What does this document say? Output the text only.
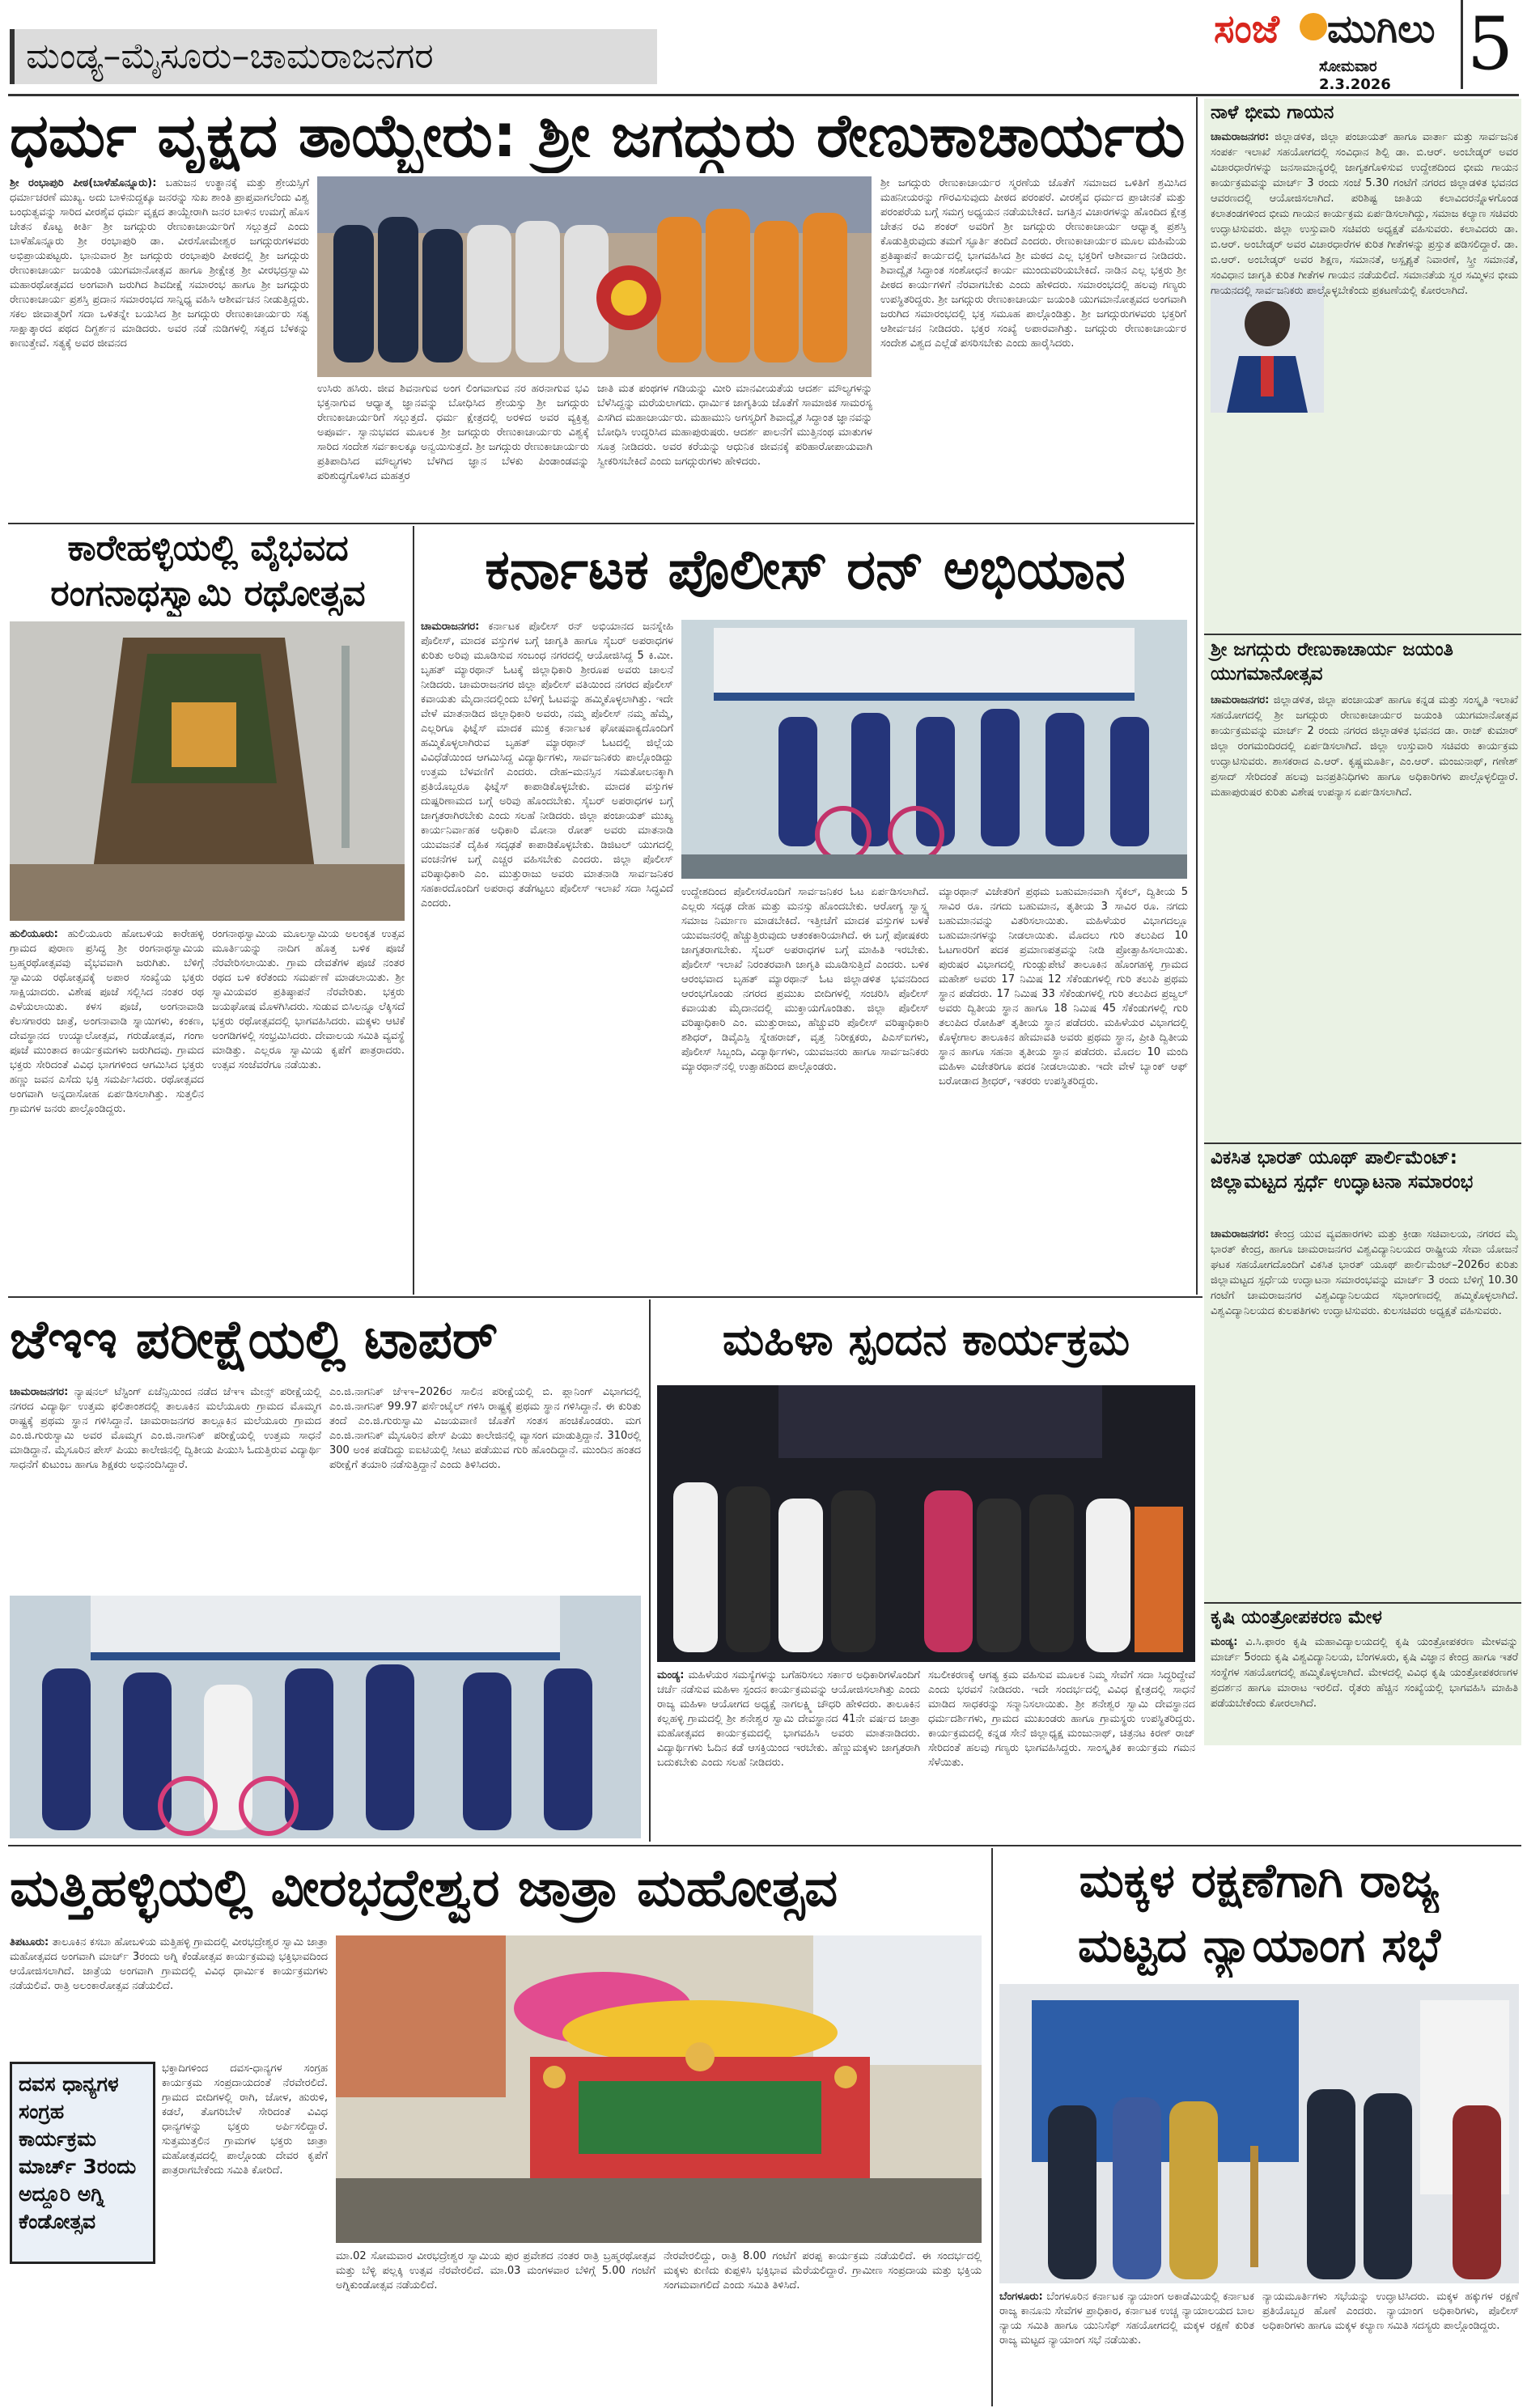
ಮಂಡ್ಯ–ಮೈಸೂರು–ಚಾಮರಾಜನಗರ
ಸಂಜೆ ಮುಗಿಲು
ಸೋಮವಾರ
2.3.2026 5
ಧರ್ಮ ವೃಕ್ಷದ ತಾಯ್ಬೇರು: ಶ್ರೀ ಜಗದ್ಗುರು ರೇಣುಕಾಚಾರ್ಯರು
ಶ್ರೀ ರಂಭಾಪುರಿ ಪೀಠ(ಬಾಳೆಹೊನ್ನೂರು): ಬಹುಜನ ಉತ್ಥಾನಕ್ಕೆ ಮತ್ತು ಶ್ರೇಯಸ್ಸಿಗೆ ಧರ್ಮಾಚರಣೆ ಮುಖ್ಯ. ಅದು ಬಾಳಿನುದ್ದಕ್ಕೂ ಜನರನ್ನು ಸುಖ ಶಾಂತಿ ಪ್ರಾಪ್ತವಾಗಲೆಂದು ವಿಶ್ವ ಬಂಧುತ್ವವನ್ನು ಸಾರಿದ ವೀರಶೈವ ಧರ್ಮ ವೃಕ್ಷದ ತಾಯ್ಬೇರಾಗಿ ಜನರ ಬಾಳಿನ ಉಮಗ್ಗೆ ಹೊಸ ಚೇತನ ಕೊಟ್ಟ ಕೀರ್ತಿ ಶ್ರೀ ಜಗದ್ಗುರು ರೇಣುಕಾಚಾರ್ಯರಿಗೆ ಸಲ್ಲುತ್ತದೆ ಎಂದು ಬಾಳೆಹೊನ್ನೂರು ಶ್ರೀ ರಂಭಾಪುರಿ ಡಾ. ವೀರಸೋಮೇಶ್ವರ ಜಗದ್ಗುರುಗಳವರು ಅಭಿಪ್ರಾಯಪಟ್ಟರು. ಭಾನುವಾರ ಶ್ರೀ ಜಗದ್ಗುರು ರಂಭಾಪುರಿ ಪೀಠದಲ್ಲಿ ಶ್ರೀ ಜಗದ್ಗುರು ರೇಣುಕಾಚಾರ್ಯ ಜಯಂತಿ ಯುಗಮಾನೋತ್ಸವ ಹಾಗೂ ಶ್ರೀಕ್ಷೇತ್ರ ಶ್ರೀ ವೀರಭದ್ರಸ್ವಾಮಿ ಮಹಾರಥೋತ್ಸವದ ಅಂಗವಾಗಿ ಜರುಗಿದ ಶಿವದೀಕ್ಷೆ ಸಮಾರಂಭ ಹಾಗೂ ಶ್ರೀ ಜಗದ್ಗುರು ರೇಣುಕಾಚಾರ್ಯ ಪ್ರಶಸ್ತಿ ಪ್ರದಾನ ಸಮಾರಂಭದ ಸಾನ್ನಿಧ್ಯ ವಹಿಸಿ ಆಶೀರ್ವಚನ ನೀಡುತ್ತಿದ್ದರು. ಸಕಲ ಜೀವಾತ್ಮರಿಗೆ ಸದಾ ಒಳಿತನ್ನೇ ಬಯಸಿದ ಶ್ರೀ ಜಗದ್ಗುರು ರೇಣುಕಾಚಾರ್ಯರು ಸತ್ಯ ಸಾಕ್ಷಾತ್ಕಾರದ ಪಥದ ದಿಗ್ದರ್ಶನ ಮಾಡಿದರು. ಅವರ ನಡೆ ನುಡಿಗಳಲ್ಲಿ ಸತ್ವದ ಬೆಳಕನ್ನು ಕಾಣುತ್ತೇವೆ. ಸತ್ಯಕ್ಕೆ ಅವರ ಜೀವನದ
ಉಸಿರು ಹಸಿರು. ಜೀವ ಶಿವನಾಗುವ ಅಂಗ ಲಿಂಗವಾಗುವ ನರ ಹರನಾಗುವ ಭವಿ ಭಕ್ತನಾಗುವ ಆಧ್ಯಾತ್ಮ ಜ್ಞಾನವನ್ನು ಬೋಧಿಸಿದ ಶ್ರೇಯಸ್ಸು ಶ್ರೀ ಜಗದ್ಗುರು ರೇಣುಕಾಚಾರ್ಯರಿಗೆ ಸಲ್ಲುತ್ತದೆ. ಧರ್ಮ ಕ್ಷೇತ್ರದಲ್ಲಿ ಅರಳಿದ ಅವರ ವ್ಯಕ್ತಿತ್ವ ಅಪೂರ್ವ. ಸ್ವಾನುಭವದ ಮೂಲಕ ಶ್ರೀ ಜಗದ್ಗುರು ರೇಣುಕಾಚಾರ್ಯರು ವಿಶ್ವಕ್ಕೆ ಸಾರಿದ ಸಂದೇಶ ಸರ್ವಕಾಲಕ್ಕೂ ಅನ್ವಯಿಸುತ್ತದೆ. ಶ್ರೀ ಜಗದ್ಗುರು ರೇಣುಕಾಚಾರ್ಯರು ಪ್ರತಿಪಾದಿಸಿದ ಮೌಲ್ಯಗಳು ಬೆಳಗಿದ ಜ್ಞಾನ ಬೆಳಕು ಪಿಂಡಾಂಡವನ್ನು ಪರಿಶುದ್ಧಗೊಳಿಸಿದ ಮಹತ್ತರ
ಜಾತಿ ಮತ ಪಂಥಗಳ ಗಡಿಯನ್ನು ಮೀರಿ ಮಾನವೀಯತೆಯ ಆದರ್ಶ ಮೌಲ್ಯಗಳನ್ನು ಬೆಳೆಸಿದ್ದನ್ನು ಮರೆಯಲಾಗದು. ಧಾರ್ಮಿಕ ಜಾಗೃತಿಯ ಜೊತೆಗೆ ಸಾಮಾಜಿಕ ಸಾಮರಸ್ಯ ಎಸಗಿದ ಮಹಾಚಾರ್ಯರು. ಮಹಾಮುನಿ ಅಗಸ್ತ್ಯರಿಗೆ ಶಿವಾದ್ವೈತ ಸಿದ್ಧಾಂತ ಜ್ಞಾನವನ್ನು ಬೋಧಿಸಿ ಉದ್ಧರಿಸಿದ ಮಹಾಪುರುಷರು. ಆದರ್ಶ ಪಾಲನೆಗೆ ಮುತ್ತಿನಂಥ ಮಾತುಗಳ ಸೂತ್ರ ನೀಡಿದರು. ಅವರ ಕರೆಯನ್ನು ಆಧುನಿಕ ಜೀವನಕ್ಕೆ ಪರಿಹಾರೋಪಾಯವಾಗಿ ಸ್ವೀಕರಿಸಬೇಕಿದೆ ಎಂದು ಜಗದ್ಗುರುಗಳು ಹೇಳಿದರು.
ಶ್ರೀ ಜಗದ್ಗುರು ರೇಣುಕಾಚಾರ್ಯರ ಸ್ಮರಣೆಯ ಜೊತೆಗೆ ಸಮಾಜದ ಒಳಿತಿಗೆ ಶ್ರಮಿಸಿದ ಮಹನೀಯರನ್ನು ಗೌರವಿಸುವುದು ಪೀಠದ ಪರಂಪರೆ. ವೀರಶೈವ ಧರ್ಮದ ಪ್ರಾಚೀನತೆ ಮತ್ತು ಪರಂಪರೆಯ ಬಗ್ಗೆ ಸಮಗ್ರ ಅಧ್ಯಯನ ನಡೆಯಬೇಕಿದೆ. ಜಗತ್ತಿನ ವಿಚಾರಗಳನ್ನು ಹೊಂದಿದ ಕ್ಷೇತ್ರ ಚೇತನ ರವಿ ಶಂಕರ್ ಅವರಿಗೆ ಶ್ರೀ ಜಗದ್ಗುರು ರೇಣುಕಾಚಾರ್ಯ ಆಧ್ಯಾತ್ಮ ಪ್ರಶಸ್ತಿ ಕೊಡುತ್ತಿರುವುದು ತಮಗೆ ಸ್ಫೂರ್ತಿ ತಂದಿದೆ ಎಂದರು. ರೇಣುಕಾಚಾರ್ಯರ ಮೂಲ ಮಹಿಮೆಯ ಪ್ರತಿಷ್ಠಾಪನೆ ಕಾರ್ಯದಲ್ಲಿ ಭಾಗವಹಿಸಿದ ಶ್ರೀ ಮಠದ ಎಲ್ಲ ಭಕ್ತರಿಗೆ ಆಶೀರ್ವಾದ ನೀಡಿದರು. ಶಿವಾದ್ವೈತ ಸಿದ್ಧಾಂತ ಸಂಶೋಧನೆ ಕಾರ್ಯ ಮುಂದುವರಿಯಬೇಕಿದೆ. ನಾಡಿನ ಎಲ್ಲ ಭಕ್ತರು ಶ್ರೀ ಪೀಠದ ಕಾರ್ಯಗಳಿಗೆ ನೆರವಾಗಬೇಕು ಎಂದು ಹೇಳಿದರು. ಸಮಾರಂಭದಲ್ಲಿ ಹಲವು ಗಣ್ಯರು ಉಪಸ್ಥಿತರಿದ್ದರು. ಶ್ರೀ ಜಗದ್ಗುರು ರೇಣುಕಾಚಾರ್ಯ ಜಯಂತಿ ಯುಗಮಾನೋತ್ಸವದ ಅಂಗವಾಗಿ ಜರುಗಿದ ಸಮಾರಂಭದಲ್ಲಿ ಭಕ್ತ ಸಮೂಹ ಪಾಲ್ಗೊಂಡಿತ್ತು. ಶ್ರೀ ಜಗದ್ಗುರುಗಳವರು ಭಕ್ತರಿಗೆ ಆಶೀರ್ವಚನ ನೀಡಿದರು. ಭಕ್ತರ ಸಂಖ್ಯೆ ಅಪಾರವಾಗಿತ್ತು. ಜಗದ್ಗುರು ರೇಣುಕಾಚಾರ್ಯರ ಸಂದೇಶ ವಿಶ್ವದ ಎಲ್ಲೆಡೆ ಪಸರಿಸಬೇಕು ಎಂದು ಹಾರೈಸಿದರು.
ಕಾರೇಹಳ್ಳಿಯಲ್ಲಿ ವೈಭವದ
ರಂಗನಾಥಸ್ವಾಮಿ ರಥೋತ್ಸವ
ಹುಲಿಯೂರು: ಹುಲಿಯೂರು ಹೋಬಳಿಯ ಕಾರೇಹಳ್ಳಿ ಗ್ರಾಮದ ಪುರಾಣ ಪ್ರಸಿದ್ಧ ಶ್ರೀ ರಂಗನಾಥಸ್ವಾಮಿಯ ಬ್ರಹ್ಮರಥೋತ್ಸವವು ವೈಭವವಾಗಿ ಜರುಗಿತು. ಬೆಳಿಗ್ಗೆ ಸ್ವಾಮಿಯ ರಥೋತ್ಸವಕ್ಕೆ ಅಪಾರ ಸಂಖ್ಯೆಯ ಭಕ್ತರು ಸಾಕ್ಷಿಯಾದರು. ವಿಶೇಷ ಪೂಜೆ ಸಲ್ಲಿಸಿದ ನಂತರ ರಥ ಎಳೆಯಲಾಯಿತು. ಕಳಸ ಪೂಜೆ, ಅಂಗನಾವಾಡಿ ಕೆಲಸಗಾರರು ಜಾತ್ರೆ, ಅಂಗನಾವಾಡಿ ಸ್ನಾಯಿಗಳು, ಕಂಕಣ, ದೇವಸ್ಥಾನದ ಉಯ್ಯಾಲೋತ್ಸವ, ಗರುಡೋತ್ಸವ, ಗಂಗಾ ಪೂಜೆ ಮುಂತಾದ ಕಾರ್ಯಕ್ರಮಗಳು ಜರುಗಿದವು. ಗ್ರಾಮದ ಭಕ್ತರು ಸೇರಿದಂತೆ ವಿವಿಧ ಭಾಗಗಳಿಂದ ಆಗಮಿಸಿದ ಭಕ್ತರು ಹಣ್ಣು ಜವನ ಎಸೆದು ಭಕ್ತಿ ಸಮರ್ಪಿಸಿದರು. ರಥೋತ್ಸವದ ಅಂಗವಾಗಿ ಅನ್ನದಾಸೋಹ ಏರ್ಪಡಿಸಲಾಗಿತ್ತು. ಸುತ್ತಲಿನ ಗ್ರಾಮಗಳ ಜನರು ಪಾಲ್ಗೊಂಡಿದ್ದರು.
ರಂಗನಾಥಸ್ವಾಮಿಯ ಮೂಲಸ್ವಾಮಿಯ ಅಲಂಕೃತ ಉತ್ಸವ ಮೂರ್ತಿಯನ್ನು ನಾದಿಗ ಹೊತ್ತ ಬಳಿಕ ಪೂಜೆ ನೆರವೇರಿಸಲಾಯಿತು. ಗ್ರಾಮ ದೇವತೆಗಳ ಪೂಜೆ ನಂತರ ರಥದ ಬಳಿ ಕರೆತಂದು ಸಮರ್ಪಣೆ ಮಾಡಲಾಯಿತು. ಶ್ರೀ ಸ್ವಾಮಿಯವರ ಪ್ರತಿಷ್ಠಾಪನೆ ನೆರವೇರಿತು. ಭಕ್ತರು ಜಯಘೋಷ ಮೊಳಗಿಸಿದರು. ಸುಡುವ ಬಿಸಿಲನ್ನೂ ಲೆಕ್ಕಿಸದೆ ಭಕ್ತರು ರಥೋತ್ಸವದಲ್ಲಿ ಭಾಗವಹಿಸಿದರು. ಮಕ್ಕಳು ಆಟಿಕೆ ಅಂಗಡಿಗಳಲ್ಲಿ ಸಂಭ್ರಮಿಸಿದರು. ದೇವಾಲಯ ಸಮಿತಿ ವ್ಯವಸ್ಥೆ ಮಾಡಿತ್ತು. ಎಲ್ಲರೂ ಸ್ವಾಮಿಯ ಕೃಪೆಗೆ ಪಾತ್ರರಾದರು. ಉತ್ಸವ ಸಂಜೆವರೆಗೂ ನಡೆಯಿತು.
ಕರ್ನಾಟಕ ಪೊಲೀಸ್ ರನ್ ಅಭಿಯಾನ
ಚಾಮರಾಜನಗರ: ಕರ್ನಾಟಕ ಪೊಲೀಸ್ ರನ್ ಅಭಿಯಾನದ ಜನಸ್ನೇಹಿ ಪೊಲೀಸ್, ಮಾದಕ ವಸ್ತುಗಳ ಬಗ್ಗೆ ಜಾಗೃತಿ ಹಾಗೂ ಸೈಬರ್ ಅಪರಾಧಗಳ ಕುರಿತು ಅರಿವು ಮೂಡಿಸುವ ಸಂಬಂಧ ನಗರದಲ್ಲಿ ಆಯೋಜಿಸಿದ್ದ 5 ಕಿ.ಮೀ. ಬೃಹತ್ ಮ್ಯಾರಥಾನ್ ಓಟಕ್ಕೆ ಜಿಲ್ಲಾಧಿಕಾರಿ ಶ್ರೀರೂಪ ಅವರು ಚಾಲನೆ ನೀಡಿದರು. ಚಾಮರಾಜನಗರ ಜಿಲ್ಲಾ ಪೊಲೀಸ್ ವತಿಯಿಂದ ನಗರದ ಪೊಲೀಸ್ ಕವಾಯತು ಮೈದಾನದಲ್ಲಿಂದು ಬೆಳಿಗ್ಗೆ ಓಟವನ್ನು ಹಮ್ಮಿಕೊಳ್ಳಲಾಗಿತ್ತು. ಇದೇ ವೇಳೆ ಮಾತನಾಡಿದ ಜಿಲ್ಲಾಧಿಕಾರಿ ಅವರು, ನಮ್ಮ ಪೊಲೀಸ್ ನಮ್ಮ ಹೆಮ್ಮೆ, ಎಲ್ಲರಿಗೂ ಫಿಟ್ನೆಸ್ ಮಾದಕ ಮುಕ್ತ ಕರ್ನಾಟಕ ಘೋಷವಾಕ್ಯದೊಂದಿಗೆ ಹಮ್ಮಿಕೊಳ್ಳಲಾಗಿರುವ ಬೃಹತ್ ಮ್ಯಾರಥಾನ್ ಓಟದಲ್ಲಿ ಜಿಲ್ಲೆಯ ವಿವಿಧೆಡೆಯಿಂದ ಆಗಮಿಸಿದ್ದ ವಿದ್ಯಾರ್ಥಿಗಳು, ಸಾರ್ವಜನಿಕರು ಪಾಲ್ಗೊಂಡಿದ್ದು ಉತ್ತಮ ಬೆಳವಣಿಗೆ ಎಂದರು. ದೇಹ–ಮನಸ್ಸಿನ ಸಮತೋಲನಕ್ಕಾಗಿ ಪ್ರತಿಯೊಬ್ಬರೂ ಫಿಟ್ನೆಸ್ ಕಾಪಾಡಿಕೊಳ್ಳಬೇಕು. ಮಾದಕ ವಸ್ತುಗಳ ದುಷ್ಪರಿಣಾಮದ ಬಗ್ಗೆ ಅರಿವು ಹೊಂದಬೇಕು. ಸೈಬರ್ ಅಪರಾಧಗಳ ಬಗ್ಗೆ ಜಾಗೃತರಾಗಿರಬೇಕು ಎಂದು ಸಲಹೆ ನೀಡಿದರು. ಜಿಲ್ಲಾ ಪಂಚಾಯತ್ ಮುಖ್ಯ ಕಾರ್ಯನಿರ್ವಾಹಕ ಅಧಿಕಾರಿ ಮೋನಾ ರೋತ್ ಅವರು ಮಾತನಾಡಿ ಯುವಜನತೆ ದೈಹಿಕ ಸದೃಢತೆ ಕಾಪಾಡಿಕೊಳ್ಳಬೇಕು. ಡಿಜಿಟಲ್ ಯುಗದಲ್ಲಿ ವಂಚನೆಗಳ ಬಗ್ಗೆ ಎಚ್ಚರ ವಹಿಸಬೇಕು ಎಂದರು. ಜಿಲ್ಲಾ ಪೊಲೀಸ್ ವರಿಷ್ಠಾಧಿಕಾರಿ ಎಂ. ಮುತ್ತುರಾಜು ಅವರು ಮಾತನಾಡಿ ಸಾರ್ವಜನಿಕರ ಸಹಕಾರದೊಂದಿಗೆ ಅಪರಾಧ ತಡೆಗಟ್ಟಲು ಪೊಲೀಸ್ ಇಲಾಖೆ ಸದಾ ಸಿದ್ಧವಿದೆ ಎಂದರು.
ಉದ್ದೇಶದಿಂದ ಪೊಲೀಸರೊಂದಿಗೆ ಸಾರ್ವಜನಿಕರ ಓಟ ಏರ್ಪಡಿಸಲಾಗಿದೆ. ಎಲ್ಲರು ಸದೃಢ ದೇಹ ಮತ್ತು ಮನಸ್ಸು ಹೊಂದಬೇಕು. ಆರೋಗ್ಯ ಸ್ವಾಸ್ಥ್ಯ ಸಮಾಜ ನಿರ್ಮಾಣ ಮಾಡಬೇಕಿದೆ. ಇತ್ತೀಚೆಗೆ ಮಾದಕ ವಸ್ತುಗಳ ಬಳಕೆ ಯುವಜನರಲ್ಲಿ ಹೆಚ್ಚುತ್ತಿರುವುದು ಆತಂಕಕಾರಿಯಾಗಿದೆ. ಈ ಬಗ್ಗೆ ಪೋಷಕರು ಜಾಗೃತರಾಗಬೇಕು. ಸೈಬರ್ ಅಪರಾಧಗಳ ಬಗ್ಗೆ ಮಾಹಿತಿ ಇರಬೇಕು. ಪೊಲೀಸ್ ಇಲಾಖೆ ನಿರಂತರವಾಗಿ ಜಾಗೃತಿ ಮೂಡಿಸುತ್ತಿದೆ ಎಂದರು. ಬಳಿಕ ಆರಂಭವಾದ ಬೃಹತ್ ಮ್ಯಾರಥಾನ್ ಓಟ ಜಿಲ್ಲಾಡಳಿತ ಭವನದಿಂದ ಆರಂಭಗೊಂಡು ನಗರದ ಪ್ರಮುಖ ಬೀದಿಗಳಲ್ಲಿ ಸಂಚರಿಸಿ ಪೊಲೀಸ್ ಕವಾಯತು ಮೈದಾನದಲ್ಲಿ ಮುಕ್ತಾಯಗೊಂಡಿತು. ಜಿಲ್ಲಾ ಪೊಲೀಸ್ ವರಿಷ್ಠಾಧಿಕಾರಿ ಎಂ. ಮುತ್ತುರಾಜು, ಹೆಚ್ಚುವರಿ ಪೊಲೀಸ್ ವರಿಷ್ಠಾಧಿಕಾರಿ ಶಶಿಧರ್, ಡಿವೈಎಸ್ಪಿ ಸ್ನೇಹರಾಜ್, ವೃತ್ತ ನಿರೀಕ್ಷಕರು, ಪಿಎಸ್ಐಗಳು, ಪೊಲೀಸ್ ಸಿಬ್ಬಂದಿ, ವಿದ್ಯಾರ್ಥಿಗಳು, ಯುವಜನರು ಹಾಗೂ ಸಾರ್ವಜನಿಕರು ಮ್ಯಾರಥಾನ್‌ನಲ್ಲಿ ಉತ್ಸಾಹದಿಂದ ಪಾಲ್ಗೊಂಡರು.
ಮ್ಯಾರಥಾನ್ ವಿಜೇತರಿಗೆ ಪ್ರಥಮ ಬಹುಮಾನವಾಗಿ ಸೈಕಲ್, ದ್ವಿತೀಯ 5 ಸಾವಿರ ರೂ. ನಗದು ಬಹುಮಾನ, ತೃತೀಯ 3 ಸಾವಿರ ರೂ. ನಗದು ಬಹುಮಾನವನ್ನು ವಿತರಿಸಲಾಯಿತು. ಮಹಿಳೆಯರ ವಿಭಾಗದಲ್ಲೂ ಬಹುಮಾನಗಳನ್ನು ನೀಡಲಾಯಿತು. ಮೊದಲು ಗುರಿ ತಲುಪಿದ 10 ಓಟಗಾರರಿಗೆ ಪದಕ ಪ್ರಮಾಣಪತ್ರವನ್ನು ನೀಡಿ ಪ್ರೋತ್ಸಾಹಿಸಲಾಯಿತು. ಪುರುಷರ ವಿಭಾಗದಲ್ಲಿ ಗುಂಡ್ಲುಪೇಟೆ ತಾಲೂಕಿನ ಹೊಂಗಹಳ್ಳಿ ಗ್ರಾಮದ ಮಹೇಶ್ ಅವರು 17 ನಿಮಿಷ 12 ಸೆಕೆಂಡುಗಳಲ್ಲಿ ಗುರಿ ತಲುಪಿ ಪ್ರಥಮ ಸ್ಥಾನ ಪಡೆದರು. 17 ನಿಮಿಷ 33 ಸೆಕೆಂಡುಗಳಲ್ಲಿ ಗುರಿ ತಲುಪಿದ ಪ್ರಜ್ವಲ್ ಅವರು ದ್ವಿತೀಯ ಸ್ಥಾನ ಹಾಗೂ 18 ನಿಮಿಷ 45 ಸೆಕೆಂಡುಗಳಲ್ಲಿ ಗುರಿ ತಲುಪಿದ ರೋಹಿತ್ ತೃತೀಯ ಸ್ಥಾನ ಪಡೆದರು. ಮಹಿಳೆಯರ ವಿಭಾಗದಲ್ಲಿ ಕೊಳ್ಳೇಗಾಲ ತಾಲೂಕಿನ ಹೇಮಾವತಿ ಅವರು ಪ್ರಥಮ ಸ್ಥಾನ, ಪ್ರೀತಿ ದ್ವಿತೀಯ ಸ್ಥಾನ ಹಾಗೂ ಸಹನಾ ತೃತೀಯ ಸ್ಥಾನ ಪಡೆದರು. ಮೊದಲ 10 ಮಂದಿ ಮಹಿಳಾ ವಿಜೇತರಿಗೂ ಪದಕ ನೀಡಲಾಯಿತು. ಇದೇ ವೇಳೆ ಬ್ಯಾಂಕ್ ಆಫ್ ಬರೋಡಾದ ಶ್ರೀಧರ್, ಇತರರು ಉಪಸ್ಥಿತರಿದ್ದರು.
ನಾಳೆ ಭೀಮ ಗಾಯನ
ಚಾಮರಾಜನಗರ: ಜಿಲ್ಲಾಡಳಿತ, ಜಿಲ್ಲಾ ಪಂಚಾಯತ್ ಹಾಗೂ ವಾರ್ತಾ ಮತ್ತು ಸಾರ್ವಜನಿಕ ಸಂಪರ್ಕ ಇಲಾಖೆ ಸಹಯೋಗದಲ್ಲಿ ಸಂವಿಧಾನ ಶಿಲ್ಪಿ ಡಾ. ಬಿ.ಆರ್. ಅಂಬೇಡ್ಕರ್ ಅವರ ವಿಚಾರಧಾರೆಗಳನ್ನು ಜನಸಾಮಾನ್ಯರಲ್ಲಿ ಜಾಗೃತಗೊಳಿಸುವ ಉದ್ದೇಶದಿಂದ ಭೀಮ ಗಾಯನ ಕಾರ್ಯಕ್ರಮವನ್ನು ಮಾರ್ಚ್ 3 ರಂದು ಸಂಜೆ 5.30 ಗಂಟೆಗೆ ನಗರದ ಜಿಲ್ಲಾಡಳಿತ ಭವನದ ಆವರಣದಲ್ಲಿ ಆಯೋಜಿಸಲಾಗಿದೆ. ಪರಿಶಿಷ್ಟ ಜಾತಿಯ ಕಲಾವಿದರನ್ನೊಳಗೊಂಡ ಕಲಾತಂಡಗಳಿಂದ ಭೀಮ ಗಾಯನ ಕಾರ್ಯಕ್ರಮ ಏರ್ಪಡಿಸಲಾಗಿದ್ದು, ಸಮಾಜ ಕಲ್ಯಾಣ ಸಚಿವರು ಉದ್ಘಾಟಿಸುವರು. ಜಿಲ್ಲಾ ಉಸ್ತುವಾರಿ ಸಚಿವರು ಅಧ್ಯಕ್ಷತೆ ವಹಿಸುವರು. ಕಲಾವಿದರು ಡಾ. ಬಿ.ಆರ್. ಅಂಬೇಡ್ಕರ್ ಅವರ ವಿಚಾರಧಾರೆಗಳ ಕುರಿತ ಗೀತೆಗಳನ್ನು ಪ್ರಸ್ತುತ ಪಡಿಸಲಿದ್ದಾರೆ. ಡಾ. ಬಿ.ಆರ್. ಅಂಬೇಡ್ಕರ್ ಅವರ ಶಿಕ್ಷಣ, ಸಮಾನತೆ, ಅಸ್ಪೃಶ್ಯತೆ ನಿವಾರಣೆ, ಸ್ತ್ರೀ ಸಮಾನತೆ, ಸಂವಿಧಾನ ಜಾಗೃತಿ ಕುರಿತ ಗೀತೆಗಳ ಗಾಯನ ನಡೆಯಲಿದೆ. ಸಮಾನತೆಯ ಸ್ವರ ಸಮ್ಮಿಳನ ಭೀಮ ಗಾಯನದಲ್ಲಿ ಸಾರ್ವಜನಿಕರು ಪಾಲ್ಗೊಳ್ಳಬೇಕೆಂದು ಪ್ರಕಟಣೆಯಲ್ಲಿ ಕೋರಲಾಗಿದೆ.
ಶ್ರೀ ಜಗದ್ಗುರು ರೇಣುಕಾಚಾರ್ಯ ಜಯಂತಿ ಯುಗಮಾನೋತ್ಸವ
ಚಾಮರಾಜನಗರ: ಜಿಲ್ಲಾಡಳಿತ, ಜಿಲ್ಲಾ ಪಂಚಾಯತ್ ಹಾಗೂ ಕನ್ನಡ ಮತ್ತು ಸಂಸ್ಕೃತಿ ಇಲಾಖೆ ಸಹಯೋಗದಲ್ಲಿ ಶ್ರೀ ಜಗದ್ಗುರು ರೇಣುಕಾಚಾರ್ಯರ ಜಯಂತಿ ಯುಗಮಾನೋತ್ಸವ ಕಾರ್ಯಕ್ರಮವನ್ನು ಮಾರ್ಚ್ 2 ರಂದು ನಗರದ ಜಿಲ್ಲಾಡಳಿತ ಭವನದ ಡಾ. ರಾಜ್ ಕುಮಾರ್ ಜಿಲ್ಲಾ ರಂಗಮಂದಿರದಲ್ಲಿ ಏರ್ಪಡಿಸಲಾಗಿದೆ. ಜಿಲ್ಲಾ ಉಸ್ತುವಾರಿ ಸಚಿವರು ಕಾರ್ಯಕ್ರಮ ಉದ್ಘಾಟಿಸುವರು. ಶಾಸಕರಾದ ಎ.ಆರ್. ಕೃಷ್ಣಮೂರ್ತಿ, ಎಂ.ಆರ್. ಮಂಜುನಾಥ್, ಗಣೇಶ್ ಪ್ರಸಾದ್ ಸೇರಿದಂತೆ ಹಲವು ಜನಪ್ರತಿನಿಧಿಗಳು ಹಾಗೂ ಅಧಿಕಾರಿಗಳು ಪಾಲ್ಗೊಳ್ಳಲಿದ್ದಾರೆ. ಮಹಾಪುರುಷರ ಕುರಿತು ವಿಶೇಷ ಉಪನ್ಯಾಸ ಏರ್ಪಡಿಸಲಾಗಿದೆ.
ವಿಕಸಿತ ಭಾರತ್ ಯೂಥ್ ಪಾರ್ಲಿಮೆಂಟ್: ಜಿಲ್ಲಾಮಟ್ಟದ ಸ್ಪರ್ಧೆ ಉದ್ಘಾಟನಾ ಸಮಾರಂಭ
ಚಾಮರಾಜನಗರ: ಕೇಂದ್ರ ಯುವ ವ್ಯವಹಾರಗಳು ಮತ್ತು ಕ್ರೀಡಾ ಸಚಿವಾಲಯ, ನಗರದ ಮೈ ಭಾರತ್ ಕೇಂದ್ರ, ಹಾಗೂ ಚಾಮರಾಜನಗರ ವಿಶ್ವವಿದ್ಯಾನಿಲಯದ ರಾಷ್ಟ್ರೀಯ ಸೇವಾ ಯೋಜನೆ ಘಟಕ ಸಹಯೋಗದೊಂದಿಗೆ ವಿಕಸಿತ ಭಾರತ್ ಯೂಥ್ ಪಾರ್ಲಿಮೆಂಟ್–2026ರ ಕುರಿತು ಜಿಲ್ಲಾಮಟ್ಟದ ಸ್ಪರ್ಧೆಯ ಉದ್ಘಾಟನಾ ಸಮಾರಂಭವನ್ನು ಮಾರ್ಚ್ 3 ರಂದು ಬೆಳಿಗ್ಗೆ 10.30 ಗಂಟೆಗೆ ಚಾಮರಾಜನಗರ ವಿಶ್ವವಿದ್ಯಾನಿಲಯದ ಸಭಾಂಗಣದಲ್ಲಿ ಹಮ್ಮಿಕೊಳ್ಳಲಾಗಿದೆ. ವಿಶ್ವವಿದ್ಯಾನಿಲಯದ ಕುಲಪತಿಗಳು ಉದ್ಘಾಟಿಸುವರು. ಕುಲಸಚಿವರು ಅಧ್ಯಕ್ಷತೆ ವಹಿಸುವರು.
ಕೃಷಿ ಯಂತ್ರೋಪಕರಣ ಮೇಳ
ಮಂಡ್ಯ: ವಿ.ಸಿ.ಫಾರಂ ಕೃಷಿ ಮಹಾವಿದ್ಯಾಲಯದಲ್ಲಿ ಕೃಷಿ ಯಂತ್ರೋಪಕರಣ ಮೇಳವನ್ನು ಮಾರ್ಚ್ 5ರಂದು ಕೃಷಿ ವಿಶ್ವವಿದ್ಯಾನಿಲಯ, ಬೆಂಗಳೂರು, ಕೃಷಿ ವಿಜ್ಞಾನ ಕೇಂದ್ರ ಹಾಗೂ ಇತರೆ ಸಂಸ್ಥೆಗಳ ಸಹಯೋಗದಲ್ಲಿ ಹಮ್ಮಿಕೊಳ್ಳಲಾಗಿದೆ. ಮೇಳದಲ್ಲಿ ವಿವಿಧ ಕೃಷಿ ಯಂತ್ರೋಪಕರಣಗಳ ಪ್ರದರ್ಶನ ಹಾಗೂ ಮಾರಾಟ ಇರಲಿದೆ. ರೈತರು ಹೆಚ್ಚಿನ ಸಂಖ್ಯೆಯಲ್ಲಿ ಭಾಗವಹಿಸಿ ಮಾಹಿತಿ ಪಡೆಯಬೇಕೆಂದು ಕೋರಲಾಗಿದೆ.
ಜೆಇಇ ಪರೀಕ್ಷೆಯಲ್ಲಿ ಟಾಪರ್
ಚಾಮರಾಜನಗರ: ನ್ಯಾಷನಲ್ ಟೆಸ್ಟಿಂಗ್ ಏಜೆನ್ಸಿಯಿಂದ ನಡೆದ ಜೆಇಇ ಮೇನ್ಸ್ ಪರೀಕ್ಷೆಯಲ್ಲಿ ನಗರದ ವಿದ್ಯಾರ್ಥಿ ಉತ್ತಮ ಫಲಿತಾಂಶದಲ್ಲಿ ತಾಲೂಕಿನ ಮಲೆಯೂರು ಗ್ರಾಮದ ಮೊಮ್ಮಗ ರಾಷ್ಟ್ರಕ್ಕೆ ಪ್ರಥಮ ಸ್ಥಾನ ಗಳಿಸಿದ್ದಾನೆ. ಚಾಮರಾಜನಗರ ತಾಲ್ಲೂಕಿನ ಮಲೆಯೂರು ಗ್ರಾಮದ ಎಂ.ಜಿ.ಗುರುಸ್ವಾಮಿ ಅವರ ಮೊಮ್ಮಗ ಎಂ.ಜಿ.ನಾಗನಿಕ್ ಪರೀಕ್ಷೆಯಲ್ಲಿ ಉತ್ತಮ ಸಾಧನೆ ಮಾಡಿದ್ದಾನೆ. ಮೈಸೂರಿನ ಪೇಸ್ ಪಿಯು ಕಾಲೇಜಿನಲ್ಲಿ ದ್ವಿತೀಯ ಪಿಯುಸಿ ಓದುತ್ತಿರುವ ವಿದ್ಯಾರ್ಥಿ ಸಾಧನೆಗೆ ಕುಟುಂಬ ಹಾಗೂ ಶಿಕ್ಷಕರು ಅಭಿನಂದಿಸಿದ್ದಾರೆ.
ಎಂ.ಜಿ.ನಾಗನಿಕ್ ಜೆಇಇ–2026ರ ಸಾಲಿನ ಪರೀಕ್ಷೆಯಲ್ಲಿ ಬಿ. ಪ್ಲಾನಿಂಗ್ ವಿಭಾಗದಲ್ಲಿ ಎಂ.ಜಿ.ನಾಗನಿಕ್ 99.97 ಪರ್ಸೆಂಟೈಲ್ ಗಳಿಸಿ ರಾಷ್ಟ್ರಕ್ಕೆ ಪ್ರಥಮ ಸ್ಥಾನ ಗಳಿಸಿದ್ದಾನೆ. ಈ ಕುರಿತು ತಂದೆ ಎಂ.ಜಿ.ಗುರುಸ್ವಾಮಿ ವಿಜಯವಾಣಿ ಜೊತೆಗೆ ಸಂತಸ ಹಂಚಿಕೊಂಡರು. ಮಗ ಎಂ.ಜಿ.ನಾಗನಿಕ್ ಮೈಸೂರಿನ ಪೇಸ್ ಪಿಯು ಕಾಲೇಜಿನಲ್ಲಿ ವ್ಯಾಸಂಗ ಮಾಡುತ್ತಿದ್ದಾನೆ. 310ರಲ್ಲಿ 300 ಅಂಕ ಪಡೆದಿದ್ದು ಐಐಟಿಯಲ್ಲಿ ಸೀಟು ಪಡೆಯುವ ಗುರಿ ಹೊಂದಿದ್ದಾನೆ. ಮುಂದಿನ ಹಂತದ ಪರೀಕ್ಷೆಗೆ ತಯಾರಿ ನಡೆಸುತ್ತಿದ್ದಾನೆ ಎಂದು ತಿಳಿಸಿದರು.
ಮಹಿಳಾ ಸ್ಪಂದನ ಕಾರ್ಯಕ್ರಮ
ಮಂಡ್ಯ: ಮಹಿಳೆಯರ ಸಮಸ್ಯೆಗಳನ್ನು ಬಗೆಹರಿಸಲು ಸರ್ಕಾರ ಅಧಿಕಾರಿಗಳೊಂದಿಗೆ ಚರ್ಚೆ ನಡೆಸುವ ಮಹಿಳಾ ಸ್ಪಂದನ ಕಾರ್ಯಕ್ರಮವನ್ನು ಆಯೋಜಿಸಲಾಗಿತ್ತು ಎಂದು ರಾಜ್ಯ ಮಹಿಳಾ ಆಯೋಗದ ಅಧ್ಯಕ್ಷೆ ನಾಗಲಕ್ಷ್ಮಿ ಚೌಧರಿ ಹೇಳಿದರು. ತಾಲೂಕಿನ ಕಲ್ಲಹಳ್ಳಿ ಗ್ರಾಮದಲ್ಲಿ ಶ್ರೀ ಶನೇಶ್ವರ ಸ್ವಾಮಿ ದೇವಸ್ಥಾನದ 41ನೇ ವರ್ಷದ ಜಾತ್ರಾ ಮಹೋತ್ಸವದ ಕಾರ್ಯಕ್ರಮದಲ್ಲಿ ಭಾಗವಹಿಸಿ ಅವರು ಮಾತನಾಡಿದರು. ವಿದ್ಯಾರ್ಥಿಗಳು ಓದಿನ ಕಡೆ ಆಸಕ್ತಿಯಿಂದ ಇರಬೇಕು. ಹೆಣ್ಣುಮಕ್ಕಳು ಜಾಗೃತರಾಗಿ ಬದುಕಬೇಕು ಎಂದು ಸಲಹೆ ನೀಡಿದರು.
ಸಬಲೀಕರಣಕ್ಕೆ ಆಗತ್ಯ ಕ್ರಮ ವಹಿಸುವ ಮೂಲಕ ನಿಮ್ಮ ಸೇವೆಗೆ ಸದಾ ಸಿದ್ಧರಿದ್ದೇವೆ ಎಂದು ಭರವಸೆ ನೀಡಿದರು. ಇದೇ ಸಂದರ್ಭದಲ್ಲಿ ವಿವಿಧ ಕ್ಷೇತ್ರದಲ್ಲಿ ಸಾಧನೆ ಮಾಡಿದ ಸಾಧಕರನ್ನು ಸನ್ಮಾನಿಸಲಾಯಿತು. ಶ್ರೀ ಶನೇಶ್ವರ ಸ್ವಾಮಿ ದೇವಸ್ಥಾನದ ಧರ್ಮದರ್ಶಿಗಳು, ಗ್ರಾಮದ ಮುಖಂಡರು ಹಾಗೂ ಗ್ರಾಮಸ್ಥರು ಉಪಸ್ಥಿತರಿದ್ದರು. ಕಾರ್ಯಕ್ರಮದಲ್ಲಿ ಕನ್ನಡ ಸೇನೆ ಜಿಲ್ಲಾಧ್ಯಕ್ಷ ಮಂಜುನಾಥ್, ಚಿತ್ರನಟ ಕಿರಣ್ ರಾಜ್ ಸೇರಿದಂತೆ ಹಲವು ಗಣ್ಯರು ಭಾಗವಹಿಸಿದ್ದರು. ಸಾಂಸ್ಕೃತಿಕ ಕಾರ್ಯಕ್ರಮ ಗಮನ ಸೆಳೆಯಿತು.
ಮತ್ತಿಹಳ್ಳಿಯಲ್ಲಿ ವೀರಭದ್ರೇಶ್ವರ ಜಾತ್ರಾ ಮಹೋತ್ಸವ
ತಿಪಟೂರು: ತಾಲೂಕಿನ ಕಸಬಾ ಹೋಬಳಿಯ ಮತ್ತಿಹಳ್ಳಿ ಗ್ರಾಮದಲ್ಲಿ ವೀರಭದ್ರೇಶ್ವರ ಸ್ವಾಮಿ ಜಾತ್ರಾ ಮಹೋತ್ಸವದ ಅಂಗವಾಗಿ ಮಾರ್ಚ್ 3ರಂದು ಅಗ್ನಿ ಕೆಂಡೋತ್ಸವ ಕಾರ್ಯಕ್ರಮವು ಭಕ್ತಿಭಾವದಿಂದ ಆಯೋಜಿಸಲಾಗಿದೆ. ಜಾತ್ರೆಯ ಅಂಗವಾಗಿ ಗ್ರಾಮದಲ್ಲಿ ವಿವಿಧ ಧಾರ್ಮಿಕ ಕಾರ್ಯಕ್ರಮಗಳು ನಡೆಯಲಿವೆ. ರಾತ್ರಿ ಅಲಂಕಾರೋತ್ಸವ ನಡೆಯಲಿದೆ.
ದವಸ ಧಾನ್ಯಗಳ ಸಂಗ್ರಹ ಕಾರ್ಯಕ್ರಮ ಮಾರ್ಚ್ 3ರಂದು ಅದ್ದೂರಿ ಅಗ್ನಿ ಕೆಂಡೋತ್ಸವ
ಭಕ್ತಾದಿಗಳಿಂದ ದವಸ-ಧಾನ್ಯಗಳ ಸಂಗ್ರಹ ಕಾರ್ಯಕ್ರಮ ಸಂಪ್ರದಾಯದಂತೆ ನೆರವೇರಲಿದೆ. ಗ್ರಾಮದ ಬೀದಿಗಳಲ್ಲಿ ರಾಗಿ, ಜೋಳ, ಹುರುಳಿ, ಕಡಲೆ, ತೊಗರಿಬೇಳೆ ಸೇರಿದಂತೆ ವಿವಿಧ ಧಾನ್ಯಗಳನ್ನು ಭಕ್ತರು ಅರ್ಪಿಸಲಿದ್ದಾರೆ. ಸುತ್ತಮುತ್ತಲಿನ ಗ್ರಾಮಗಳ ಭಕ್ತರು ಜಾತ್ರಾ ಮಹೋತ್ಸವದಲ್ಲಿ ಪಾಲ್ಗೊಂಡು ದೇವರ ಕೃಪೆಗೆ ಪಾತ್ರರಾಗಬೇಕೆಂದು ಸಮಿತಿ ಕೋರಿದೆ.
ಮಾ.02 ಸೋಮವಾರ ವೀರಭದ್ರೇಶ್ವರ ಸ್ವಾಮಿಯ ಪುರ ಪ್ರವೇಶದ ನಂತರ ರಾತ್ರಿ ಬ್ರಹ್ಮರಥೋತ್ಸವ ಮತ್ತು ಬೆಳ್ಳಿ ಪಲ್ಲಕ್ಕಿ ಉತ್ಸವ ನೆರವೇರಲಿದೆ. ಮಾ.03 ಮಂಗಳವಾರ ಬೆಳಿಗ್ಗೆ 5.00 ಗಂಟೆಗೆ ಅಗ್ನಿಕುಂಡೋತ್ಸವ ನಡೆಯಲಿದೆ.
ನೇರವೇರಲಿದ್ದು, ರಾತ್ರಿ 8.00 ಗಂಟೆಗೆ ಪರಪ್ಪ ಕಾರ್ಯಕ್ರಮ ನಡೆಯಲಿದೆ. ಈ ಸಂದರ್ಭದಲ್ಲಿ ಮಕ್ಕಳು ಕುಣಿದು ಕುಪ್ಪಳಿಸಿ ಭಕ್ತಿಭಾವ ಮೆರೆಯಲಿದ್ದಾರೆ. ಗ್ರಾಮೀಣ ಸಂಪ್ರದಾಯ ಮತ್ತು ಭಕ್ತಿಯ ಸಂಗಮವಾಗಲಿದೆ ಎಂದು ಸಮಿತಿ ತಿಳಿಸಿದೆ.
ಮಕ್ಕಳ ರಕ್ಷಣೆಗಾಗಿ ರಾಜ್ಯ
ಮಟ್ಟದ ನ್ಯಾಯಾಂಗ ಸಭೆ
ಬೆಂಗಳೂರು: ಬೆಂಗಳೂರಿನ ಕರ್ನಾಟಕ ನ್ಯಾಯಾಂಗ ಅಕಾಡೆಮಿಯಲ್ಲಿ ಕರ್ನಾಟಕ ರಾಜ್ಯ ಕಾನೂನು ಸೇವೆಗಳ ಪ್ರಾಧಿಕಾರ, ಕರ್ನಾಟಕ ಉಚ್ಚ ನ್ಯಾಯಾಲಯದ ಬಾಲ ನ್ಯಾಯ ಸಮಿತಿ ಹಾಗೂ ಯುನಿಸೆಫ್ ಸಹಯೋಗದಲ್ಲಿ ಮಕ್ಕಳ ರಕ್ಷಣೆ ಕುರಿತ ರಾಜ್ಯ ಮಟ್ಟದ ನ್ಯಾಯಾಂಗ ಸಭೆ ನಡೆಯಿತು.
ನ್ಯಾಯಮೂರ್ತಿಗಳು ಸಭೆಯನ್ನು ಉದ್ಘಾಟಿಸಿದರು. ಮಕ್ಕಳ ಹಕ್ಕುಗಳ ರಕ್ಷಣೆ ಪ್ರತಿಯೊಬ್ಬರ ಹೊಣೆ ಎಂದರು. ನ್ಯಾಯಾಂಗ ಅಧಿಕಾರಿಗಳು, ಪೊಲೀಸ್ ಅಧಿಕಾರಿಗಳು ಹಾಗೂ ಮಕ್ಕಳ ಕಲ್ಯಾಣ ಸಮಿತಿ ಸದಸ್ಯರು ಪಾಲ್ಗೊಂಡಿದ್ದರು.
